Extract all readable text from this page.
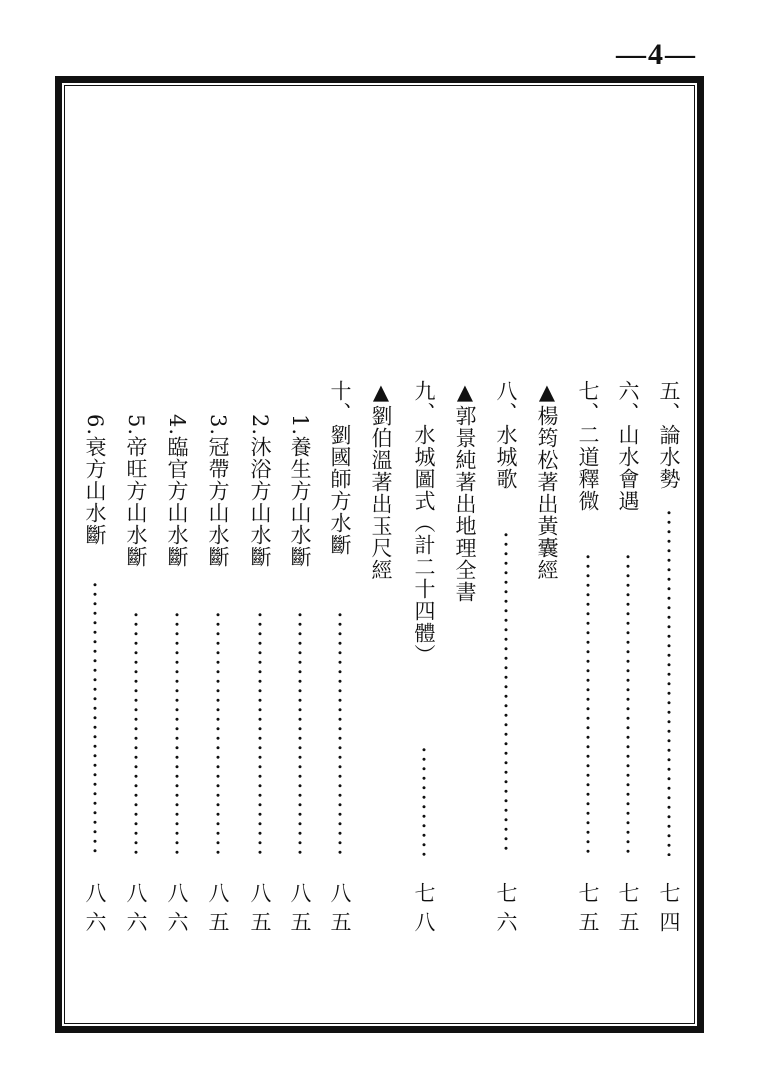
—4—
五、論水勢
七四
六、山水會遇
七五
七、二道釋微
七五
▲楊筠松著出黃囊經
八、水城歌
七六
▲郭景純著出地理全書
九、水城圖式（計二十四體）
七八
▲劉伯溫著出玉尺經
十、劉國師方水斷
八五
1.養生方山水斷
八五
2.沐浴方山水斷
八五
3.冠帶方山水斷
八五
4.臨官方山水斷
八六
5.帝旺方山水斷
八六
6.衰方山水斷
八六
